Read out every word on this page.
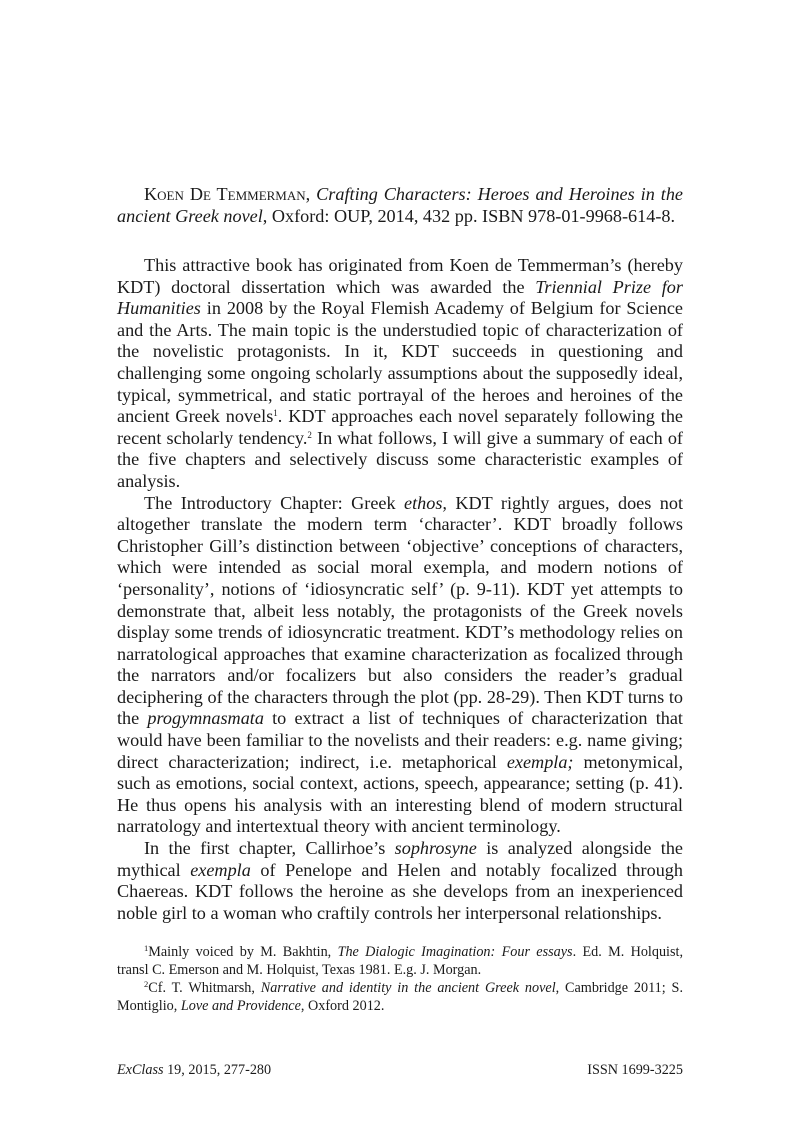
Koen De Temmerman, Crafting Characters: Heroes and Heroines in the ancient Greek novel, Oxford: OUP, 2014, 432 pp. ISBN 978-01-9968-614-8.

This attractive book has originated from Koen de Temmerman’s (hereby KDT) doctoral dissertation which was awarded the Triennial Prize for Humanities in 2008 by the Royal Flemish Academy of Belgium for Science and the Arts. The main topic is the understudied topic of characterization of the novelistic protagonists. In it, KDT succeeds in questioning and challenging some ongoing scholarly assumptions about the supposedly ideal, typical, symmetrical, and static portrayal of the heroes and heroines of the ancient Greek novels$^1$. KDT approaches each novel separately following the recent scholarly tendency.$^2$ In what follows, I will give a summary of each of the five chapters and selectively discuss some characteristic examples of analysis.

The Introductory Chapter: Greek ethos, KDT rightly argues, does not altogether translate the modern term ‘character’. KDT broadly follows Christopher Gill’s distinction between ‘objective’ conceptions of characters, which were intended as social moral exempla, and modern notions of ‘personality’, notions of ‘idiosyncratic self’ (p. 9-11). KDT yet attempts to demonstrate that, albeit less notably, the protagonists of the Greek novels display some trends of idiosyncratic treatment. KDT’s methodology relies on narratological approaches that examine characterization as focalized through the narrators and/or focalizers but also considers the reader’s gradual deciphering of the characters through the plot (pp. 28-29). Then KDT turns to the progymnasmata to extract a list of techniques of characterization that would have been familiar to the novelists and their readers: e.g. name giving; direct characterization; indirect, i.e. metaphorical exempla; metonymical, such as emotions, social context, actions, speech, appearance; setting (p. 41). He thus opens his analysis with an interesting blend of modern structural narratology and intertextual theory with ancient terminology.

In the first chapter, Callirhoe’s sophrosyne is analyzed alongside the mythical exempla of Penelope and Helen and notably focalized through Chaereas. KDT follows the heroine as she develops from an inexperienced noble girl to a woman who craftily controls her interpersonal relationships.

$^1$Mainly voiced by M. Bakhtin, The Dialogic Imagination: Four essays. Ed. M. Holquist, transl C. Emerson and M. Holquist, Texas 1981. E.g. J. Morgan.

$^2$Cf. T. Whitmarsh, Narrative and identity in the ancient Greek novel, Cambridge 2011; S. Montiglio, Love and Providence, Oxford 2012.

ExClass 19, 2015, 277-280	ISSN 1699-3225
